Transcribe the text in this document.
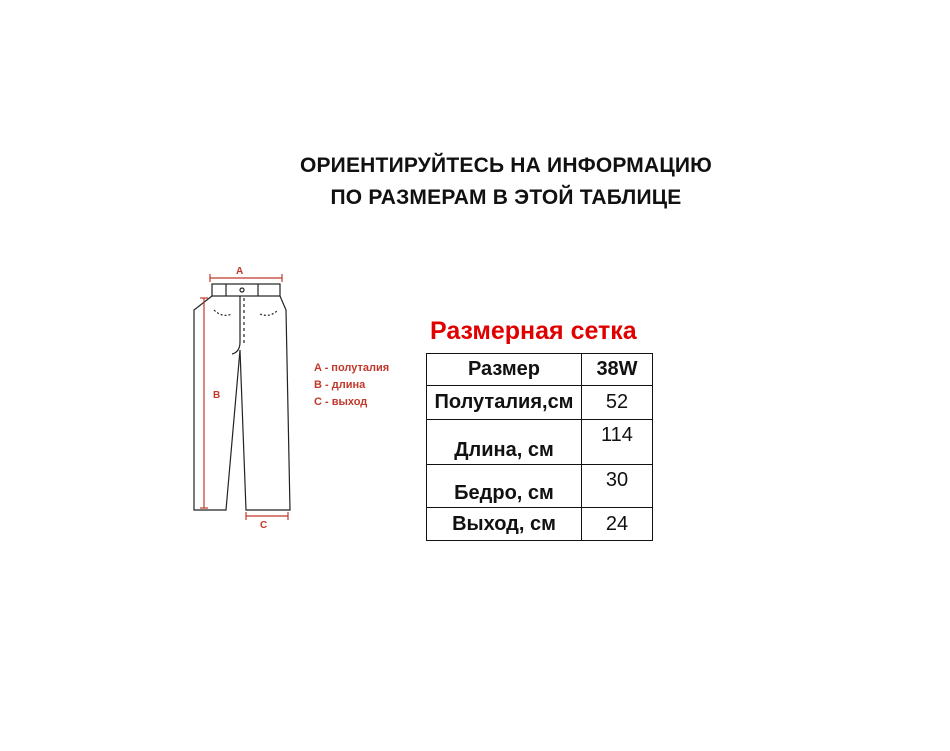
ОРИЕНТИРУЙТЕСЬ НА ИНФОРМАЦИЮ
ПО РАЗМЕРАМ В ЭТОЙ ТАБЛИЦЕ
A
B
C
A - полуталия
B - длина
C - выход
Размерная сетка
Размер	38W
Полуталия,см	52
Длина, см	114
Бедро, см	30
Выход, см	24
